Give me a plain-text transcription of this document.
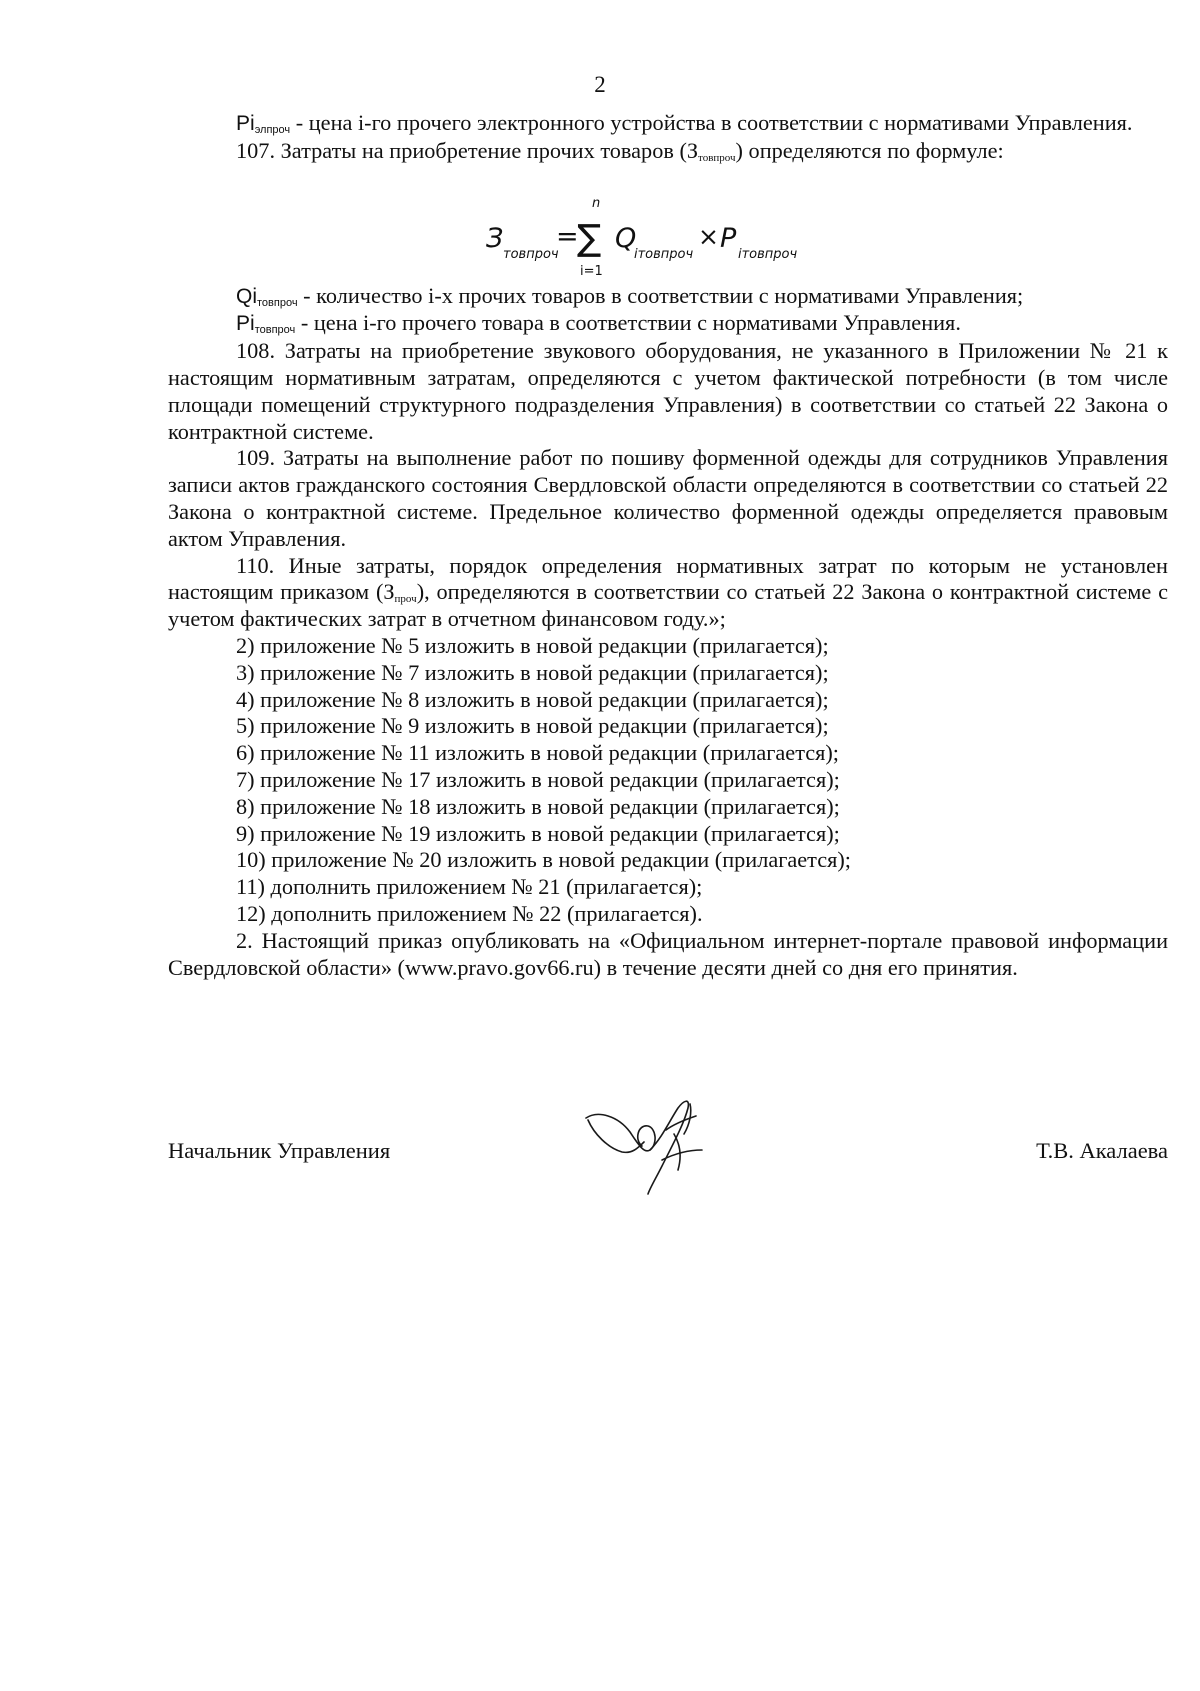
2

$Pi_{элпроч}$ - цена i-го прочего электронного устройства в соответствии с нормативами Управления.

107. Затраты на приобретение прочих товаров $(З_{товпроч})$ определяются по формуле:

З
товпроч
=
n
∑
i=1
Q
iтовпроч
× P
iтовпроч

$Qi_{товпроч}$ - количество i-x прочих товаров в соответствии с нормативами Управления;

$Pi_{товпроч}$ - цена i-го прочего товара в соответствии с нормативами Управления.

108. Затраты на приобретение звукового оборудования, не указанного в Приложении № 21 к настоящим нормативным затратам, определяются с учетом фактической потребности (в том числе площади помещений структурного подразделения Управления) в соответствии со статьей 22 Закона о контрактной системе.

109. Затраты на выполнение работ по пошиву форменной одежды для сотрудников Управления записи актов гражданского состояния Свердловской области определяются в соответствии со статьей 22 Закона о контрактной системе. Предельное количество форменной одежды определяется правовым актом Управления.

110. Иные затраты, порядок определения нормативных затрат по которым не установлен настоящим приказом $(З_{проч})$, определяются в соответствии со статьей 22 Закона о контрактной системе с учетом фактических затрат в отчетном финансовом году.»;

2) приложение № 5 изложить в новой редакции (прилагается);
3) приложение № 7 изложить в новой редакции (прилагается);
4) приложение № 8 изложить в новой редакции (прилагается);
5) приложение № 9 изложить в новой редакции (прилагается);
6) приложение № 11 изложить в новой редакции (прилагается);
7) приложение № 17 изложить в новой редакции (прилагается);
8) приложение № 18 изложить в новой редакции (прилагается);
9) приложение № 19 изложить в новой редакции (прилагается);
10) приложение № 20 изложить в новой редакции (прилагается);
11) дополнить приложением № 21 (прилагается);
12) дополнить приложением № 22 (прилагается).

2. Настоящий приказ опубликовать на «Официальном интернет-портале правовой информации Свердловской области» (www.pravo.gov66.ru) в течение десяти дней со дня его принятия.

Начальник Управления	Т.В. Акалаева
